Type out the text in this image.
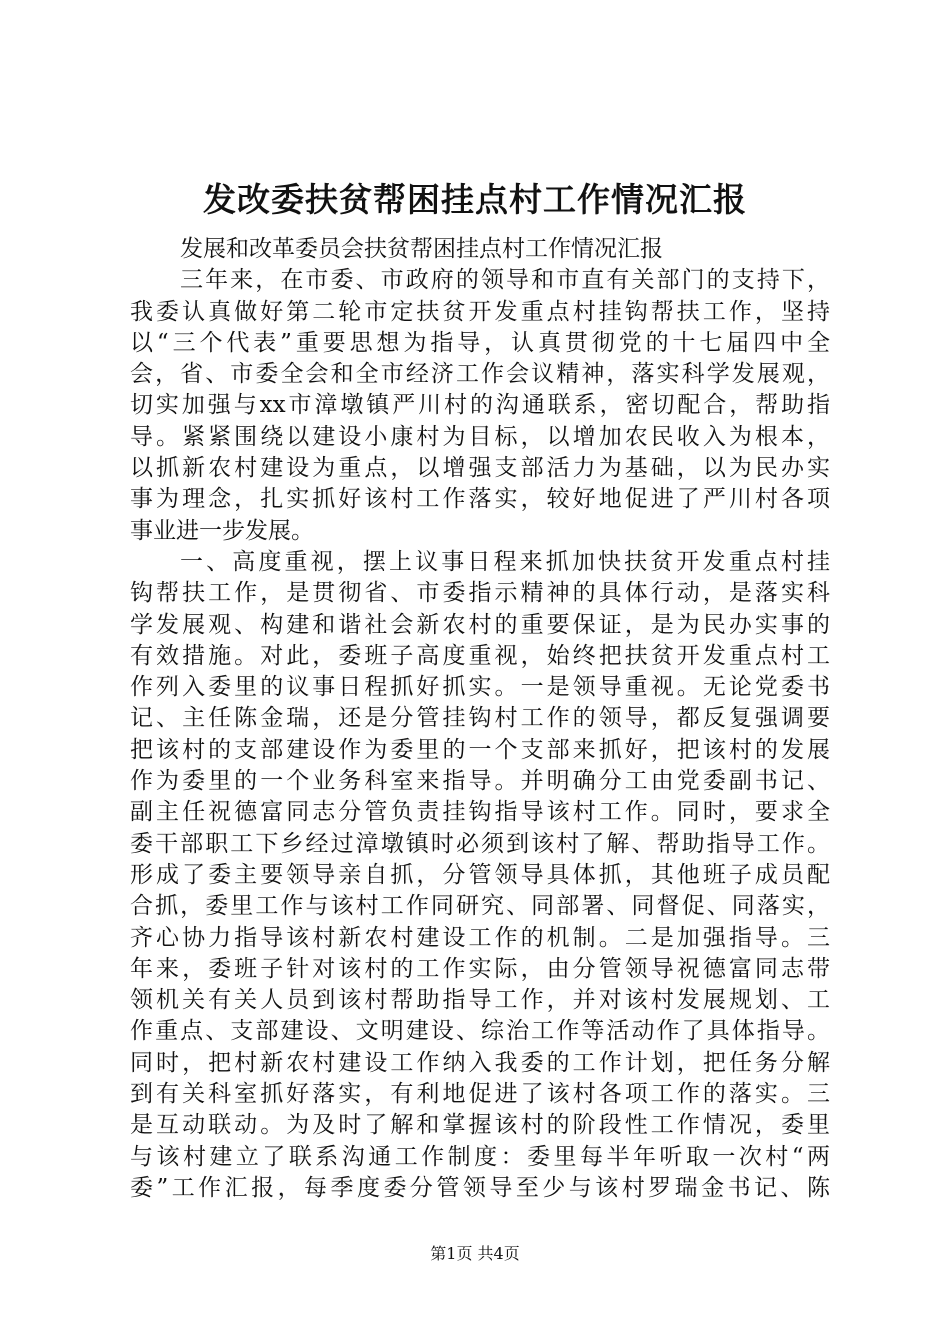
发改委扶贫帮困挂点村工作情况汇报
发展和改革委员会扶贫帮困挂点村工作情况汇报
三年来，在市委、市政府的领导和市直有关部门的支持下，
我委认真做好第二轮市定扶贫开发重点村挂钩帮扶工作，坚持
以“三个代表”重要思想为指导，认真贯彻党的十七届四中全
会，省、市委全会和全市经济工作会议精神，落实科学发展观，
切实加强与xx市漳墩镇严川村的沟通联系，密切配合，帮助指
导。紧紧围绕以建设小康村为目标，以增加农民收入为根本，
以抓新农村建设为重点，以增强支部活力为基础，以为民办实
事为理念，扎实抓好该村工作落实，较好地促进了严川村各项
事业进一步发展。
一、高度重视，摆上议事日程来抓加快扶贫开发重点村挂
钩帮扶工作，是贯彻省、市委指示精神的具体行动，是落实科
学发展观、构建和谐社会新农村的重要保证，是为民办实事的
有效措施。对此，委班子高度重视，始终把扶贫开发重点村工
作列入委里的议事日程抓好抓实。一是领导重视。无论党委书
记、主任陈金瑞，还是分管挂钩村工作的领导，都反复强调要
把该村的支部建设作为委里的一个支部来抓好，把该村的发展
作为委里的一个业务科室来指导。并明确分工由党委副书记、
副主任祝德富同志分管负责挂钩指导该村工作。同时，要求全
委干部职工下乡经过漳墩镇时必须到该村了解、帮助指导工作。
形成了委主要领导亲自抓，分管领导具体抓，其他班子成员配
合抓，委里工作与该村工作同研究、同部署、同督促、同落实，
齐心协力指导该村新农村建设工作的机制。二是加强指导。三
年来，委班子针对该村的工作实际，由分管领导祝德富同志带
领机关有关人员到该村帮助指导工作，并对该村发展规划、工
作重点、支部建设、文明建设、综治工作等活动作了具体指导。
同时，把村新农村建设工作纳入我委的工作计划，把任务分解
到有关科室抓好落实，有利地促进了该村各项工作的落实。三
是互动联动。为及时了解和掌握该村的阶段性工作情况，委里
与该村建立了联系沟通工作制度：委里每半年听取一次村“两
委”工作汇报，每季度委分管领导至少与该村罗瑞金书记、陈
第1页 共4页
